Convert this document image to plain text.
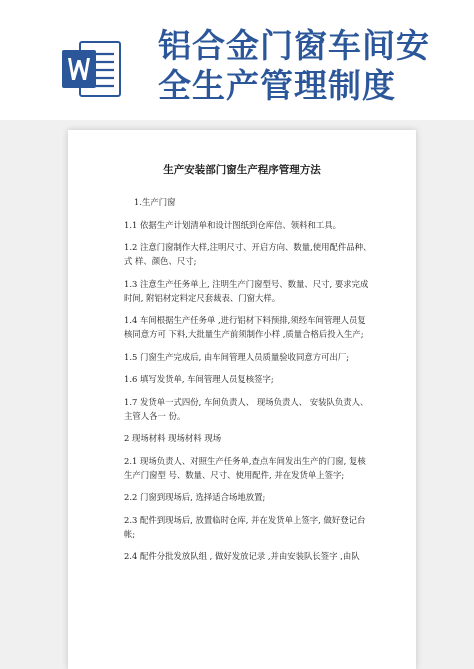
铝合金门窗车间安全生产管理制度
生产安装部门窗生产程序管理方法

1.生产门窗

1.1 依据生产计划清单和设计图纸到仓库信、领料和工具。

1.2 注意门窗制作大样,注明尺寸、开启方向、数量,使用配件品种、式 样、颜色、尺寸;

1.3 注意生产任务单上, 注明生产门窗型号、数量、尺寸, 要求完成 时间, 附铝材定料定尺套裁表、门窗大样。

1.4 车间根据生产任务单 ,进行铝材下料预排,须经车间管理人员复核同意方可 下料,大批量生产前须制作小样 ,质量合格后投入生产;

1.5 门窗生产完成后, 由车间管理人员质量验收同意方可出厂;

1.6 填写发货单, 车间管理人员复核签字;

1.7 发货单一式四份, 车间负责人、 现场负责人、 安装队负责人、主管人各一 份。

2 现场材料 现场材料 现场

2.1 现场负责人、对照生产任务单,查点车间发出生产的门窗, 复核生产门窗型 号、数量、尺寸、使用配件, 并在发货单上签字;

2.2 门窗到现场后, 选择适合场地放置;

2.3 配件到现场后, 放置临时仓库, 并在发货单上签字, 做好登记台帐;

2.4 配件分批发放队组 , 做好发放记录 ,并由安装队长签字 ,由队
